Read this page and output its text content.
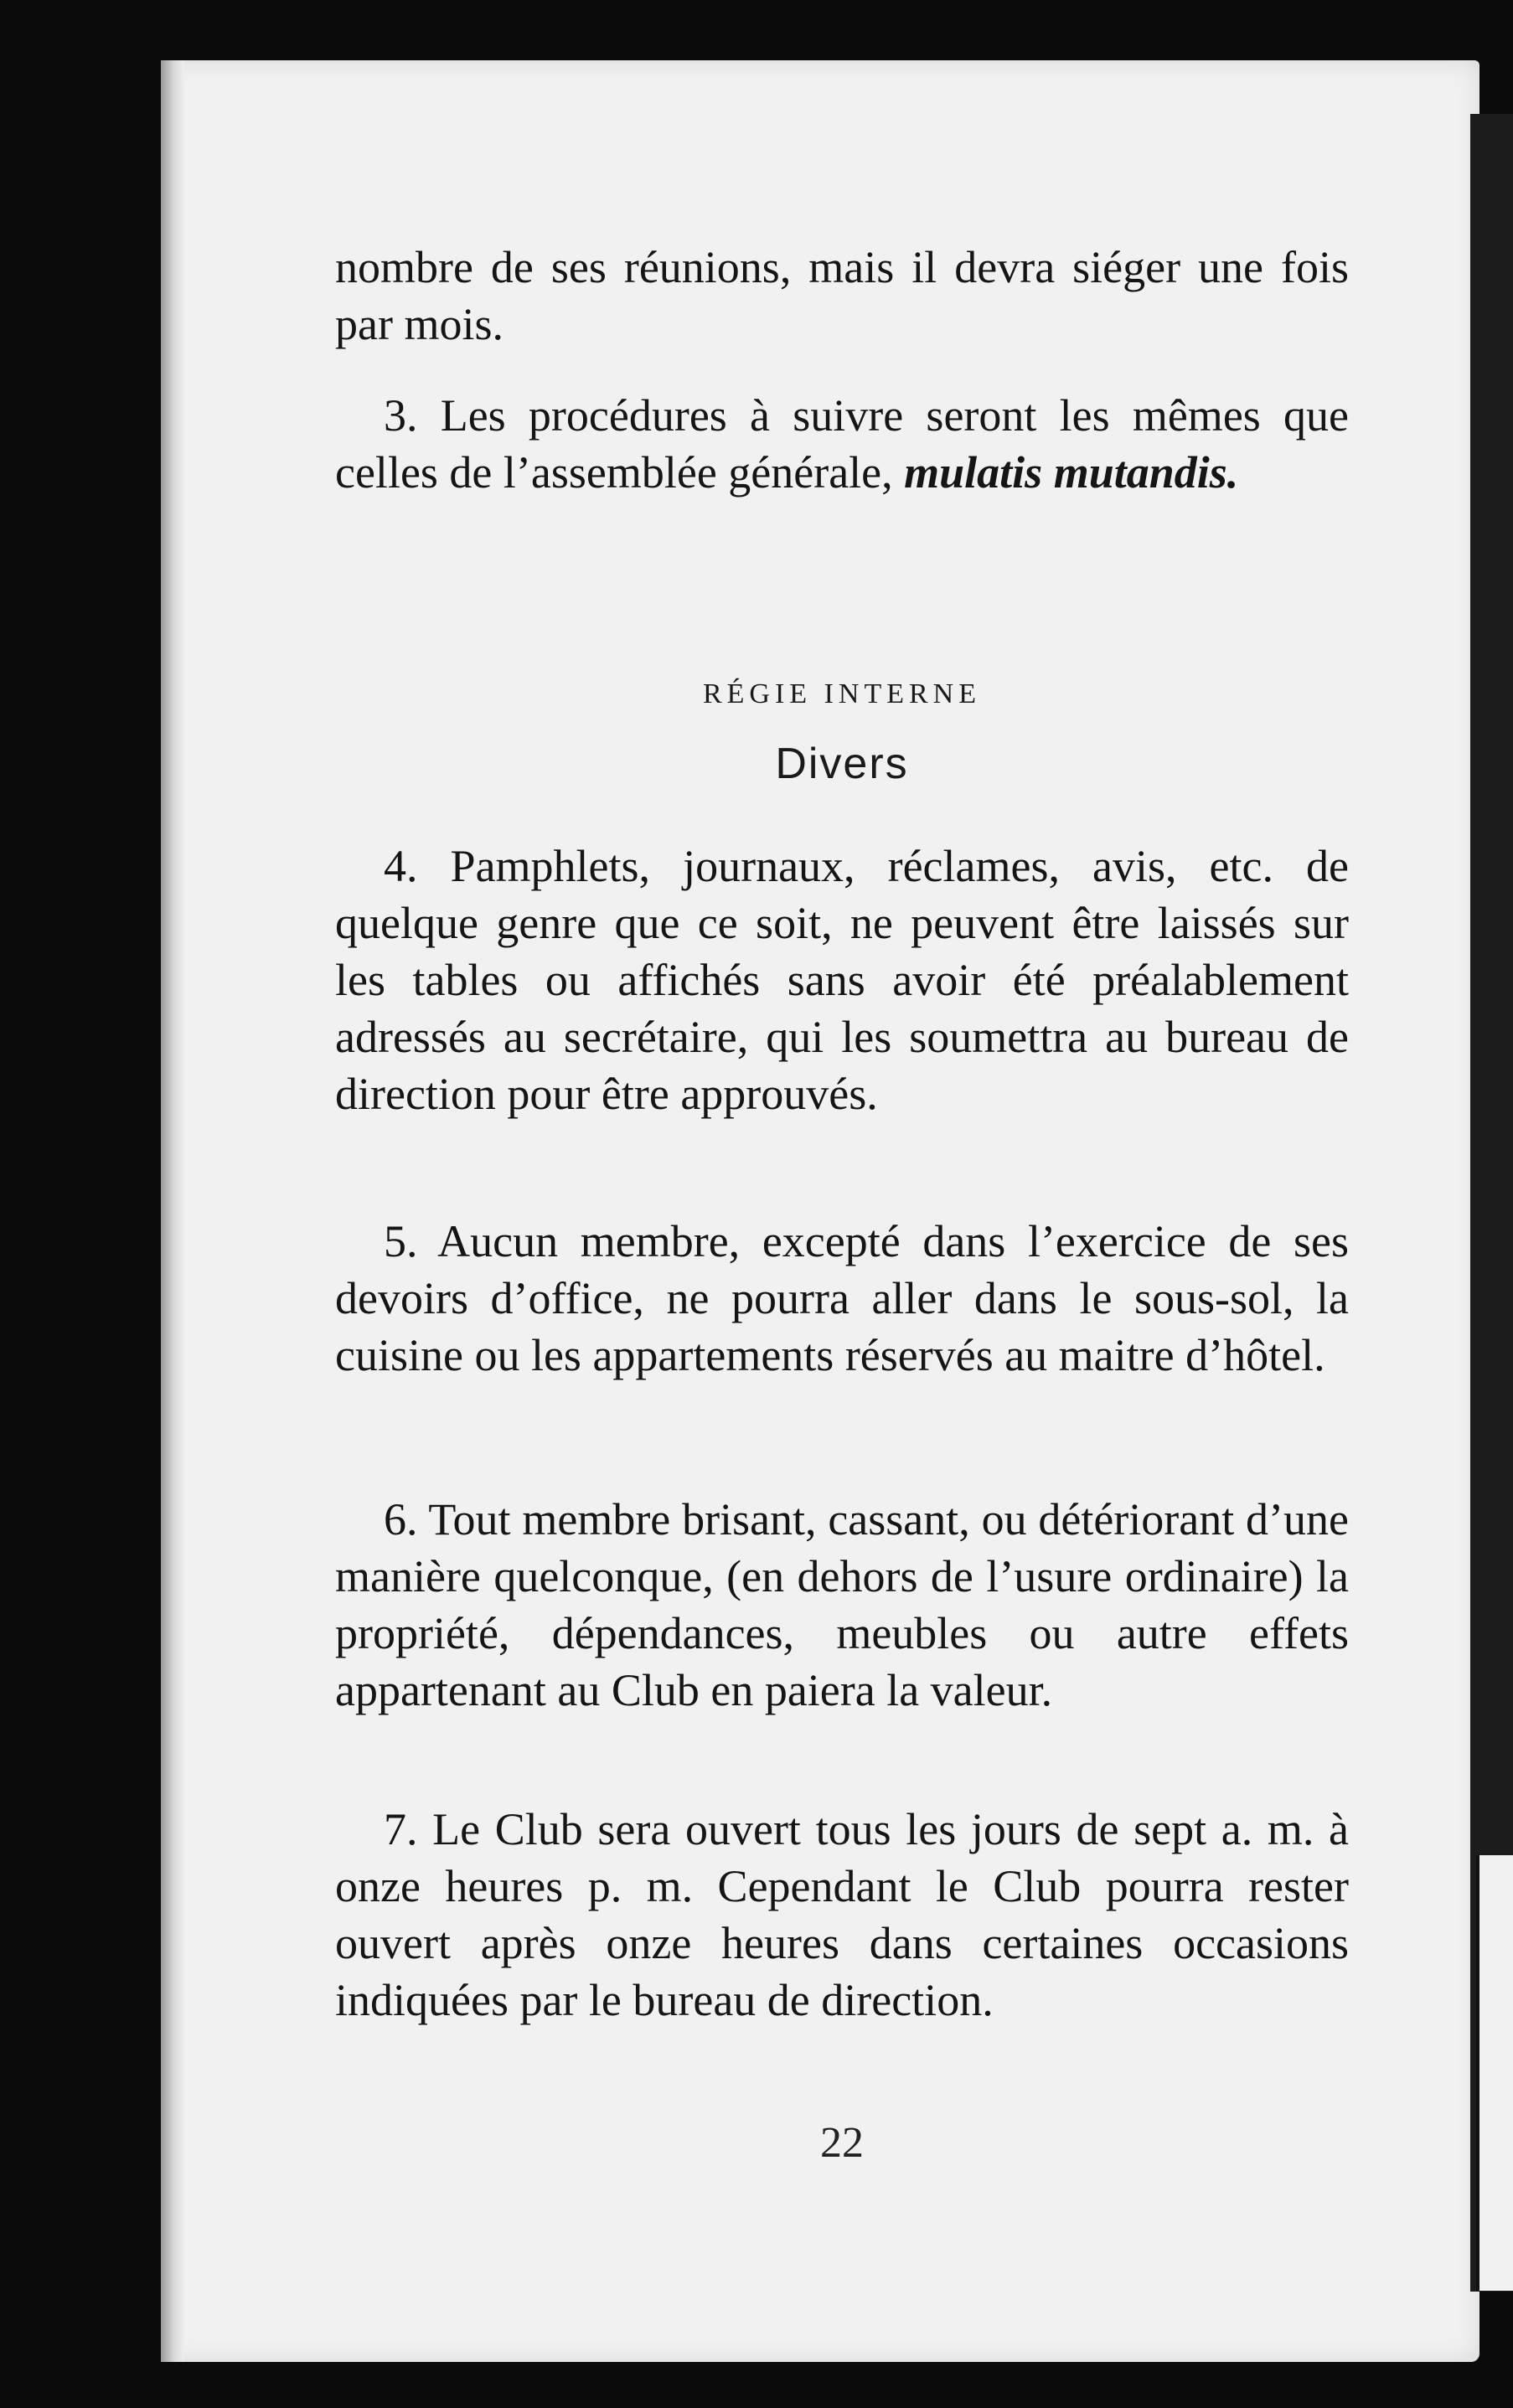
nombre de ses réunions, mais il devra siéger une fois par mois.

3. Les procédures à suivre seront les mêmes que celles de l’assemblée générale, mulatis mutandis.

RÉGIE INTERNE
Divers

4. Pamphlets, journaux, réclames, avis, etc. de quelque genre que ce soit, ne peuvent être laissés sur les tables ou affichés sans avoir été préalablement adressés au secrétaire, qui les soumettra au bureau de direction pour être approuvés.

5. Aucun membre, excepté dans l’exercice de ses devoirs d’office, ne pourra aller dans le sous-sol, la cuisine ou les appartements réservés au maitre d’hôtel.

6. Tout membre brisant, cassant, ou détériorant d’une manière quelconque, (en dehors de l’usure ordinaire) la propriété, dépendances, meubles ou autre effets appartenant au Club en paiera la valeur.

7. Le Club sera ouvert tous les jours de sept a. m. à onze heures p. m. Cependant le Club pourra rester ouvert après onze heures dans certaines occasions indiquées par le bureau de direction.

22
